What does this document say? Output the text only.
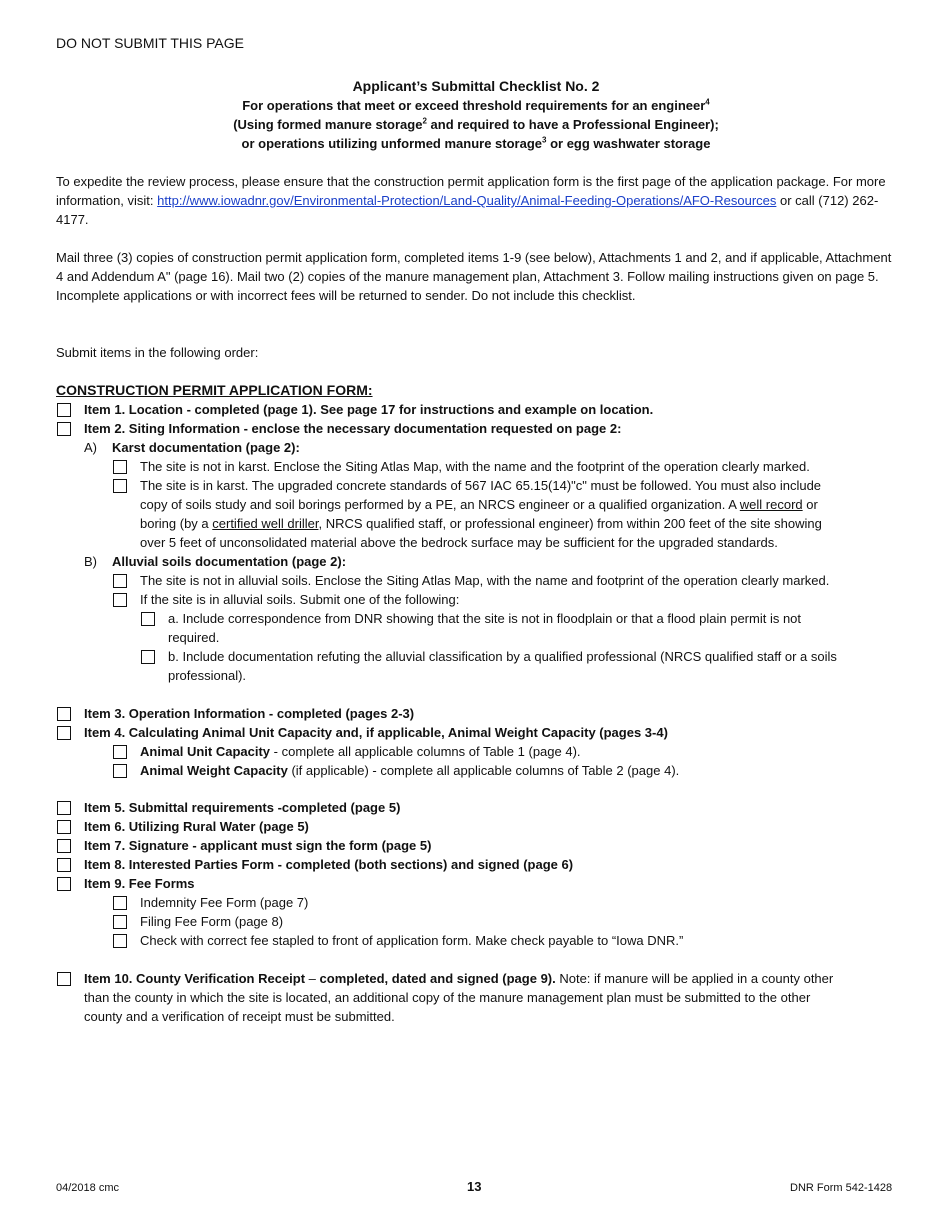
DO NOT SUBMIT THIS PAGE
Applicant’s Submittal Checklist No. 2
For operations that meet or exceed threshold requirements for an engineer$^4$
(Using formed manure storage$^2$ and required to have a Professional Engineer);
or operations utilizing unformed manure storage$^3$ or egg washwater storage
To expedite the review process, please ensure that the construction permit application form is the first page of the application package. For more information, visit: http://www.iowadnr.gov/Environmental-Protection/Land-Quality/Animal-Feeding-Operations/AFO-Resources or call (712) 262-4177.
Mail three (3) copies of construction permit application form, completed items 1-9 (see below), Attachments 1 and 2, and if applicable, Attachment 4 and Addendum A" (page 16). Mail two (2) copies of the manure management plan, Attachment 3. Follow mailing instructions given on page 5. Incomplete applications or with incorrect fees will be returned to sender. Do not include this checklist.
Submit items in the following order:
CONSTRUCTION PERMIT APPLICATION FORM:
Item 1. Location - completed (page 1). See page 17 for instructions and example on location.
Item 2. Siting Information - enclose the necessary documentation requested on page 2:
A) Karst documentation (page 2):
The site is not in karst. Enclose the Siting Atlas Map, with the name and the footprint of the operation clearly marked.
The site is in karst. The upgraded concrete standards of 567 IAC 65.15(14)"c" must be followed. You must also include
copy of soils study and soil borings performed by a PE, an NRCS engineer or a qualified organization. A well record or
boring (by a certified well driller, NRCS qualified staff, or professional engineer) from within 200 feet of the site showing
over 5 feet of unconsolidated material above the bedrock surface may be sufficient for the upgraded standards.
B) Alluvial soils documentation (page 2):
The site is not in alluvial soils. Enclose the Siting Atlas Map, with the name and footprint of the operation clearly marked.
If the site is in alluvial soils. Submit one of the following:
a. Include correspondence from DNR showing that the site is not in floodplain or that a flood plain permit is not
required.
b. Include documentation refuting the alluvial classification by a qualified professional (NRCS qualified staff or a soils
professional).
Item 3. Operation Information - completed (pages 2-3)
Item 4. Calculating Animal Unit Capacity and, if applicable, Animal Weight Capacity (pages 3-4)
Animal Unit Capacity - complete all applicable columns of Table 1 (page 4).
Animal Weight Capacity (if applicable) - complete all applicable columns of Table 2 (page 4).
Item 5. Submittal requirements -completed (page 5)
Item 6. Utilizing Rural Water (page 5)
Item 7. Signature - applicant must sign the form (page 5)
Item 8. Interested Parties Form - completed (both sections) and signed (page 6)
Item 9. Fee Forms
Indemnity Fee Form (page 7)
Filing Fee Form (page 8)
Check with correct fee stapled to front of application form. Make check payable to “Iowa DNR.”
Item 10. County Verification Receipt – completed, dated and signed (page 9). Note: if manure will be applied in a county other
than the county in which the site is located, an additional copy of the manure management plan must be submitted to the other
county and a verification of receipt must be submitted.
04/2018 cmc	13	DNR Form 542-1428
